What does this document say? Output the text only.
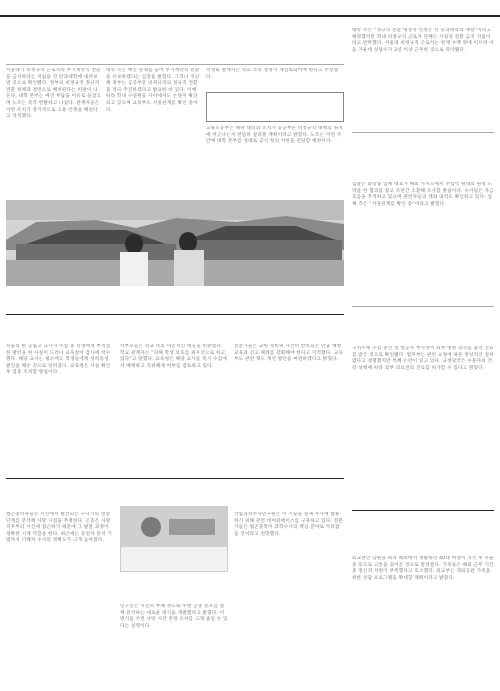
서울대가 비정규직 근로자의 무기계약직 전환을 금지하라는 지침을 각 단과대학에 내려보낸 것으로 확인됐다. 정부의 비정규직 정규직 전환 정책과 정면으로 배치된다는 비판이 나온다. 대학 본부는 예산 부담을 이유로 들었으며 노조는 즉각 반발하고 나섰다. 관계자들은 이번 조치가 장기적으로 고용 안정을 해친다고 지적했다.
대학 측은 예산 문제를 들어 무기계약직 전환을 유보하겠다는 입장을 밝혔다. 그러나 지난해 정부는 공공부문 비정규직의 정규직 전환을 적극 추진하겠다고 발표한 바 있다. 이에 따라 학내 구성원들 사이에서도 논란이 확산되고 있으며 교육부도 사실관계를 확인 중이다.
학생회 관계자는 학교 측의 결정이 재검토되어야 한다고 주장했다.
고용노동부는 해당 대학의 조치가 공공부문 비정규직 대책의 취지에 어긋나는지 면밀히 살펴볼 계획이라고 밝혔다. 노조는 이번 주 안에 대학 본부를 상대로 공식 항의 서한을 전달할 예정이다.
대학 측은 “정규직 전환 대상자 선정은 각 단과대학의 재량”이라고 해명했지만 학내 비정규직 근로자 단체는 사실상 전환 금지 지침이라고 반박했다. 서울대 비정규직 근로자는 현재 수백 명에 이르며 이들 가운데 상당수가 2년 이상 근무한 것으로 파악됐다.
검찰은 화장품 업체 대표가 해외 카지노에서 수십억 원대의 원정 도박을 한 혐의를 잡고 조만간 소환해 조사할 방침이다. 수사팀은 자금 흐름을 추적하고 있으며 관련자들의 계좌 내역도 확인하고 있다. 업체 측은 “사실관계를 확인 중”이라고 밝혔다.
구치소에 수감 중인 전 항공사 부사장이 외부 병원 의사를 불러 진료를 받은 것으로 확인됐다. 법무부는 관련 규정에 따른 정상적인 절차였다고 설명했지만 특혜 논란이 일고 있다. 교정당국은 수용자의 건강 상태에 따라 외부 의료진의 진료를 허가할 수 있다고 밝혔다.
서울의 한 공립고 교사가 수업 중 학생에게 부적절한 발언을 한 사실이 드러나 교육청이 감사에 착수했다. 해당 교사는 평소에도 학생들에게 성희롱성 발언을 해온 것으로 알려졌다. 교육청은 사실 확인 후 엄중 조치할 방침이다.
학부모들은 학교 측의 미온적인 대응을 비판했다. 학교 관계자는 “피해 학생 보호를 최우선으로 하고 있다”고 말했다. 교육청은 해당 교사를 즉시 수업에서 배제하고 직위해제 여부를 검토하고 있다.
전문가들은 교원 성비위 사건이 반복되는 만큼 예방 교육과 신고 체계를 강화해야 한다고 지적했다. 교육부도 관련 제도 개선 방안을 마련하겠다고 밝혔다.
법곤충학자들은 시신에서 발견되는 구더기의 성장 단계를 분석해 사망 시점을 추정한다. 곤충은 사망 직후부터 시신에 접근하기 때문에 그 발달 과정이 정확한 시계 역할을 한다. 최근에는 유전자 분석 기법까지 더해져 수사의 정확도가 크게 높아졌다.
연구진은 시신의 부패 정도와 주변 곤충 분포를 함께 분석하는 새로운 방식을 개발했다고 밝혔다. 이 방식을 쓰면 사망 시간 추정 오차를 크게 줄일 수 있다는 설명이다.
국립과학수사연구원은 이 기술을 실제 수사에 활용하기 위해 관련 데이터베이스를 구축하고 있다. 전문가들은 법곤충학이 과학수사의 핵심 분야로 자리잡을 것이라고 전망했다.
외교관인 남편을 따라 해외에서 생활하던 40대 여성이 귀국 후 우울증 등으로 고통을 겪어온 것으로 알려졌다. 가족들은 해외 근무 기간 중 정신적 지원이 부족했다고 호소했다. 외교부는 재외공관 가족을 위한 상담 프로그램을 확대할 계획이라고 밝혔다.
